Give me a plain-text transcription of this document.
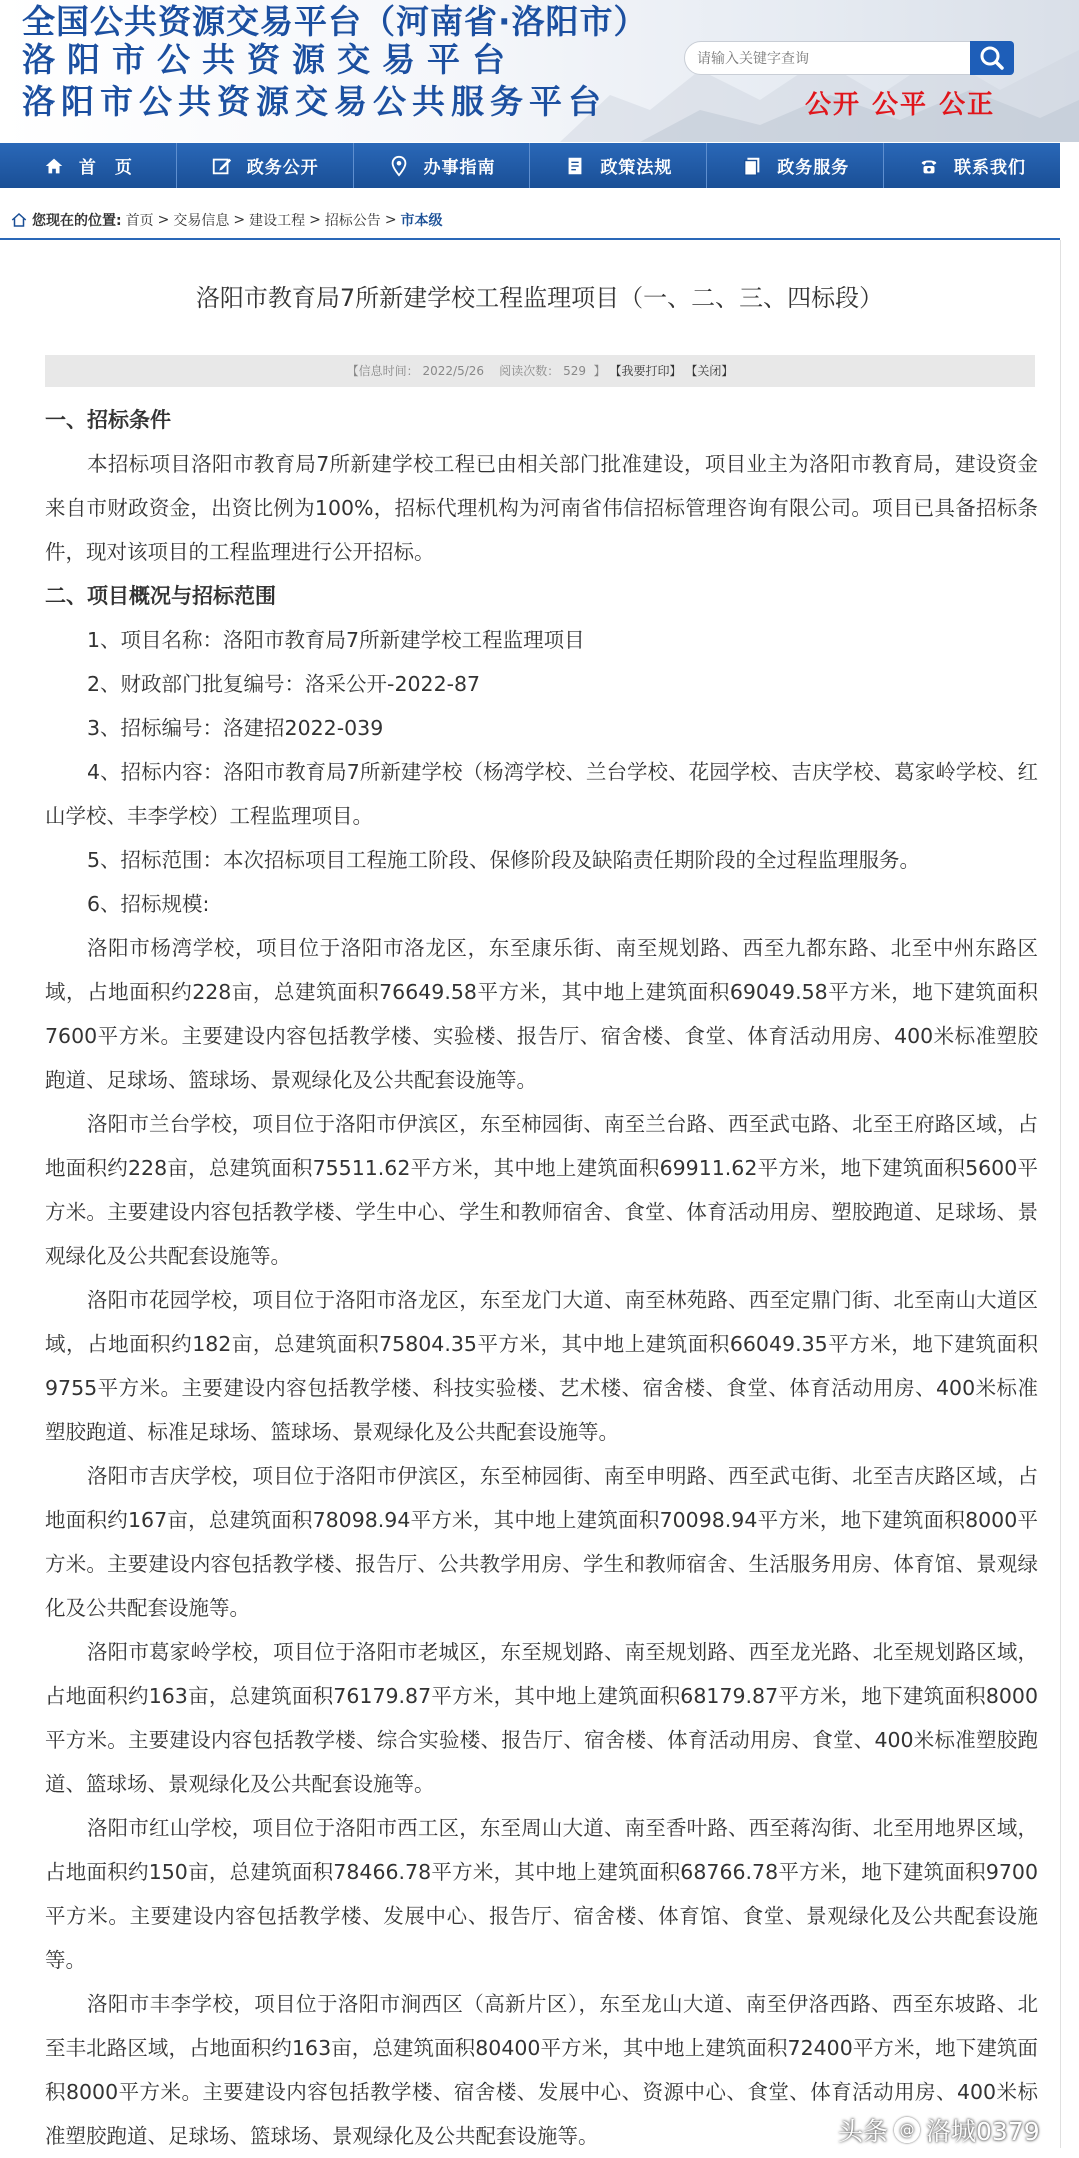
全国公共资源交易平台（河南省·洛阳市）
洛阳市公共资源交易平台
洛阳市公共资源交易公共服务平台
请输入关键字查询
公开 公平 公正
首　页	政务公开	办事指南	政策法规	政务服务	联系我们
您现在的位置: 首页 > 交易信息 > 建设工程 > 招标公告 > 市本级
洛阳市教育局7所新建学校工程监理项目（一、二、三、四标段）
【信息时间： 2022/5/26 阅读次数： 529  】 【我要打印】 【关闭】

一、招标条件

本招标项目洛阳市教育局7所新建学校工程已由相关部门批准建设，项目业主为洛阳市教育局，建设资金来自市财政资金，出资比例为100%，招标代理机构为河南省伟信招标管理咨询有限公司。项目已具备招标条件，现对该项目的工程监理进行公开招标。

二、项目概况与招标范围

1、项目名称：洛阳市教育局7所新建学校工程监理项目

2、财政部门批复编号：洛采公开-2022-87

3、招标编号：洛建招2022-039

4、招标内容：洛阳市教育局7所新建学校（杨湾学校、兰台学校、花园学校、吉庆学校、葛家岭学校、红山学校、丰李学校）工程监理项目。

5、招标范围：本次招标项目工程施工阶段、保修阶段及缺陷责任期阶段的全过程监理服务。

6、招标规模:

洛阳市杨湾学校，项目位于洛阳市洛龙区，东至康乐街、南至规划路、西至九都东路、北至中州东路区域，占地面积约228亩，总建筑面积76649.58平方米，其中地上建筑面积69049.58平方米，地下建筑面积7600平方米。主要建设内容包括教学楼、实验楼、报告厅、宿舍楼、食堂、体育活动用房、400米标准塑胶跑道、足球场、篮球场、景观绿化及公共配套设施等。

洛阳市兰台学校，项目位于洛阳市伊滨区，东至柿园街、南至兰台路、西至武屯路、北至王府路区域，占地面积约228亩，总建筑面积75511.62平方米，其中地上建筑面积69911.62平方米，地下建筑面积5600平方米。主要建设内容包括教学楼、学生中心、学生和教师宿舍、食堂、体育活动用房、塑胶跑道、足球场、景观绿化及公共配套设施等。

洛阳市花园学校，项目位于洛阳市洛龙区，东至龙门大道、南至林苑路、西至定鼎门街、北至南山大道区域，占地面积约182亩，总建筑面积75804.35平方米，其中地上建筑面积66049.35平方米，地下建筑面积9755平方米。主要建设内容包括教学楼、科技实验楼、艺术楼、宿舍楼、食堂、体育活动用房、400米标准塑胶跑道、标准足球场、篮球场、景观绿化及公共配套设施等。

洛阳市吉庆学校，项目位于洛阳市伊滨区，东至柿园街、南至申明路、西至武屯街、北至吉庆路区域，占地面积约167亩，总建筑面积78098.94平方米，其中地上建筑面积70098.94平方米，地下建筑面积8000平方米。主要建设内容包括教学楼、报告厅、公共教学用房、学生和教师宿舍、生活服务用房、体育馆、景观绿化及公共配套设施等。

洛阳市葛家岭学校，项目位于洛阳市老城区，东至规划路、南至规划路、西至龙光路、北至规划路区域，占地面积约163亩，总建筑面积76179.87平方米，其中地上建筑面积68179.87平方米，地下建筑面积8000平方米。主要建设内容包括教学楼、综合实验楼、报告厅、宿舍楼、体育活动用房、食堂、400米标准塑胶跑道、篮球场、景观绿化及公共配套设施等。

洛阳市红山学校，项目位于洛阳市西工区，东至周山大道、南至香叶路、西至蒋沟街、北至用地界区域，占地面积约150亩，总建筑面积78466.78平方米，其中地上建筑面积68766.78平方米，地下建筑面积9700平方米。主要建设内容包括教学楼、发展中心、报告厅、宿舍楼、体育馆、食堂、景观绿化及公共配套设施等。

洛阳市丰李学校，项目位于洛阳市涧西区（高新片区），东至龙山大道、南至伊洛西路、西至东坡路、北至丰北路区域，占地面积约163亩，总建筑面积80400平方米，其中地上建筑面积72400平方米，地下建筑面积8000平方米。主要建设内容包括教学楼、宿舍楼、发展中心、资源中心、食堂、体育活动用房、400米标准塑胶跑道、足球场、篮球场、景观绿化及公共配套设施等。	头条 @ 洛城0379
